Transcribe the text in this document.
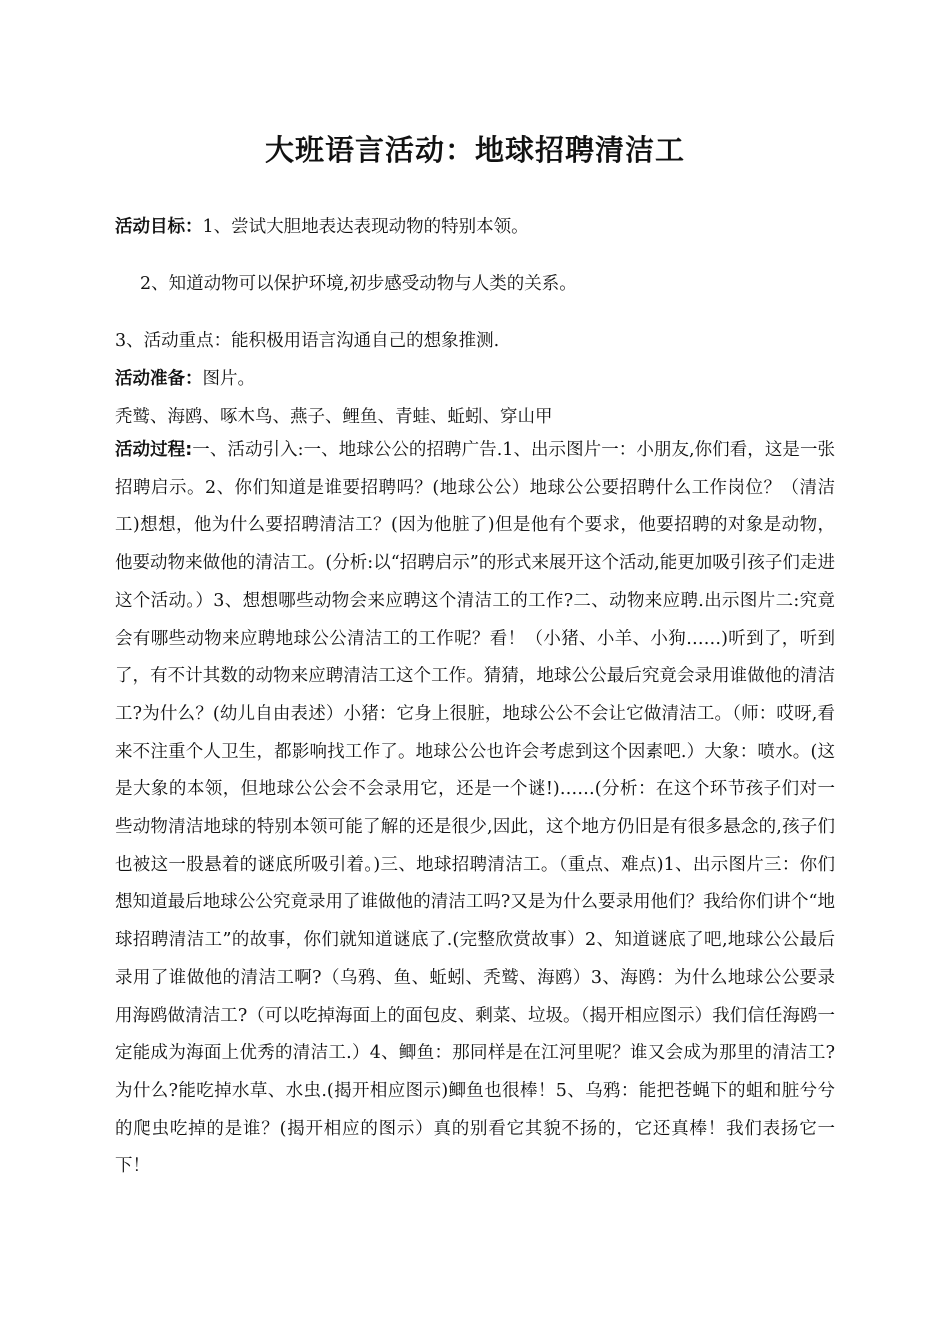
大班语言活动：地球招聘清洁工
活动目标：1、尝试大胆地表达表现动物的特别本领。
2、知道动物可以保护环境,初步感受动物与人类的关系。
3、活动重点：能积极用语言沟通自己的想象推测.
活动准备：图片。
秃鹫、海鸥、啄木鸟、燕子、鲤鱼、青蛙、蚯蚓、穿山甲
活动过程:一、活动引入:一、地球公公的招聘广告.1、出示图片一：小朋友,你们看，这是一张招聘启示。2、你们知道是谁要招聘吗？(地球公公）地球公公要招聘什么工作岗位？（清洁工)想想，他为什么要招聘清洁工？(因为他脏了)但是他有个要求，他要招聘的对象是动物，他要动物来做他的清洁工。(分析:以“招聘启示”的形式来展开这个活动,能更加吸引孩子们走进这个活动。）3、想想哪些动物会来应聘这个清洁工的工作?二、动物来应聘.出示图片二:究竟会有哪些动物来应聘地球公公清洁工的工作呢？看！（小猪、小羊、小狗……)听到了，听到了，有不计其数的动物来应聘清洁工这个工作。猜猜，地球公公最后究竟会录用谁做他的清洁工?为什么？(幼儿自由表述）小猪：它身上很脏，地球公公不会让它做清洁工。（师：哎呀,看来不注重个人卫生，都影响找工作了。地球公公也许会考虑到这个因素吧.）大象：喷水。(这是大象的本领，但地球公公会不会录用它，还是一个谜!)……(分析：在这个环节孩子们对一些动物清洁地球的特别本领可能了解的还是很少,因此，这个地方仍旧是有很多悬念的,孩子们也被这一股悬着的谜底所吸引着。)三、地球招聘清洁工。（重点、难点)1、出示图片三：你们想知道最后地球公公究竟录用了谁做他的清洁工吗?又是为什么要录用他们？我给你们讲个“地球招聘清洁工”的故事，你们就知道谜底了.(完整欣赏故事）2、知道谜底了吧,地球公公最后录用了谁做他的清洁工啊?（乌鸦、鱼、蚯蚓、秃鹫、海鸥）3、海鸥：为什么地球公公要录用海鸥做清洁工?（可以吃掉海面上的面包皮、剩菜、垃圾。（揭开相应图示）我们信任海鸥一定能成为海面上优秀的清洁工.）4、鲫鱼：那同样是在江河里呢？谁又会成为那里的清洁工?为什么?能吃掉水草、水虫.(揭开相应图示)鲫鱼也很棒！5、乌鸦：能把苍蝇下的蛆和脏兮兮的爬虫吃掉的是谁？(揭开相应的图示）真的别看它其貌不扬的，它还真棒！我们表扬它一下！
